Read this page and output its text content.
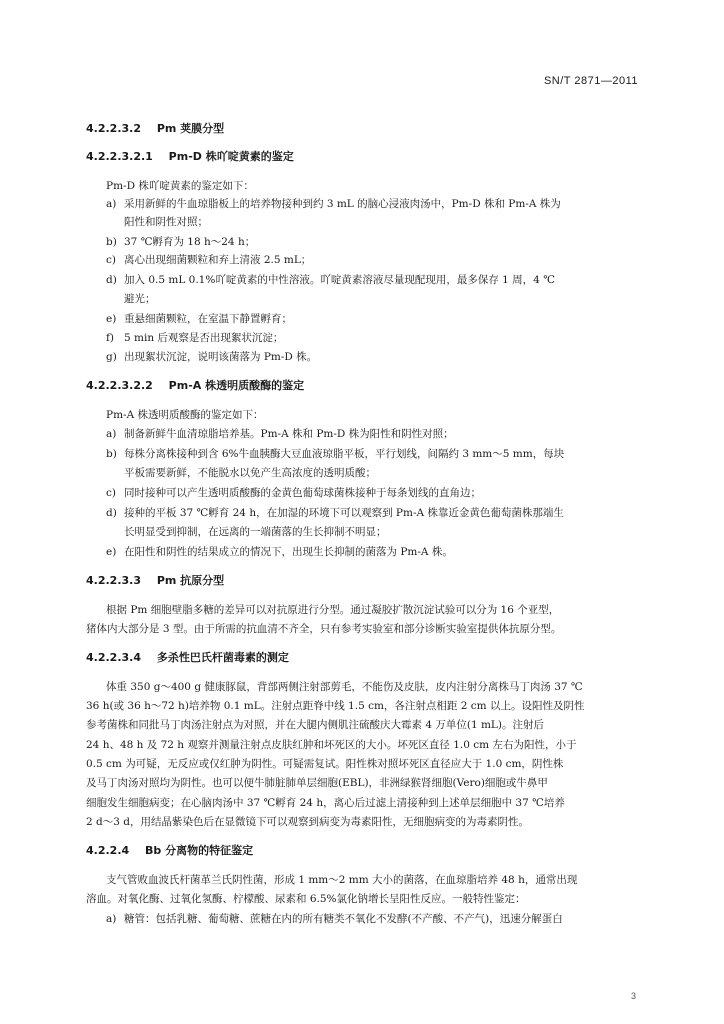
SN/T 2871—2011
4.2.2.3.2 Pm 荚膜分型
4.2.2.3.2.1 Pm-D 株吖啶黄素的鉴定
Pm-D 株吖啶黄素的鉴定如下：
a) 采用新鲜的牛血琼脂板上的培养物接种到约 3 mL 的脑心浸液肉汤中，Pm-D 株和 Pm-A 株为
阳性和阴性对照；
b) 37 ℃孵育为 18 h～24 h；
c) 离心出现细菌颗粒和弃上清液 2.5 mL；
d) 加入 0.5 mL 0.1%吖啶黄素的中性溶液。吖啶黄素溶液尽量现配现用，最多保存 1 周，4 ℃
避光；
e) 重悬细菌颗粒，在室温下静置孵育；
f) 5 min 后观察是否出现絮状沉淀；
g) 出现絮状沉淀，说明该菌落为 Pm-D 株。
4.2.2.3.2.2 Pm-A 株透明质酸酶的鉴定
Pm-A 株透明质酸酶的鉴定如下：
a) 制备新鲜牛血清琼脂培养基。Pm-A 株和 Pm-D 株为阳性和阴性对照；
b) 每株分离株接种到含 6%牛血胰酶大豆血液琼脂平板，平行划线，间隔约 3 mm～5 mm，每块
平板需要新鲜，不能脱水以免产生高浓度的透明质酸；
c) 同时接种可以产生透明质酸酶的金黄色葡萄球菌株接种于每条划线的直角边；
d) 接种的平板 37 ℃孵育 24 h，在加湿的环境下可以观察到 Pm-A 株靠近金黄色葡萄菌株那端生
长明显受到抑制，在远离的一端菌落的生长抑制不明显；
e) 在阳性和阴性的结果成立的情况下，出现生长抑制的菌落为 Pm-A 株。
4.2.2.3.3 Pm 抗原分型
根据 Pm 细胞壁脂多糖的差异可以对抗原进行分型。通过凝胶扩散沉淀试验可以分为 16 个亚型，
猪体内大部分是 3 型。由于所需的抗血清不齐全，只有参考实验室和部分诊断实验室提供体抗原分型。
4.2.2.3.4 多杀性巴氏杆菌毒素的测定
体重 350 g～400 g 健康豚鼠，背部两侧注射部剪毛，不能伤及皮肤，皮内注射分离株马丁肉汤 37 ℃
36 h(或 36 h～72 h)培养物 0.1 mL。注射点距脊中线 1.5 cm，各注射点相距 2 cm 以上。设阳性及阴性
参考菌株和同批马丁肉汤注射点为对照，并在大腿内侧肌注硫酸庆大霉素 4 万单位(1 mL)。注射后
24 h、48 h 及 72 h 观察并测量注射点皮肤红肿和坏死区的大小。坏死区直径 1.0 cm 左右为阳性，小于
0.5 cm 为可疑，无反应或仅红肿为阴性。可疑需复试。阳性株对照坏死区直径应大于 1.0 cm，阴性株
及马丁肉汤对照均为阴性。也可以便牛肺脏肺单层细胞(EBL)，非洲绿猴肾细胞(Vero)细胞或牛鼻甲
细胞发生细胞病变；在心脑肉汤中 37 ℃孵育 24 h，离心后过滤上清接种到上述单层细胞中 37 ℃培养
2 d～3 d，用结晶紫染色后在显微镜下可以观察到病变为毒素阳性，无细胞病变的为毒素阴性。
4.2.2.4 Bb 分离物的特征鉴定
支气管败血波氏杆菌革兰氏阴性菌，形成 1 mm～2 mm 大小的菌落，在血琼脂培养 48 h，通常出现
溶血。对氧化酶、过氧化氢酶、柠檬酸、尿素和 6.5%氯化钠增长呈阳性反应。一般特性鉴定：
a) 糖管：包括乳糖、葡萄糖、蔗糖在内的所有糖类不氧化不发酵(不产酸、不产气)，迅速分解蛋白
3
